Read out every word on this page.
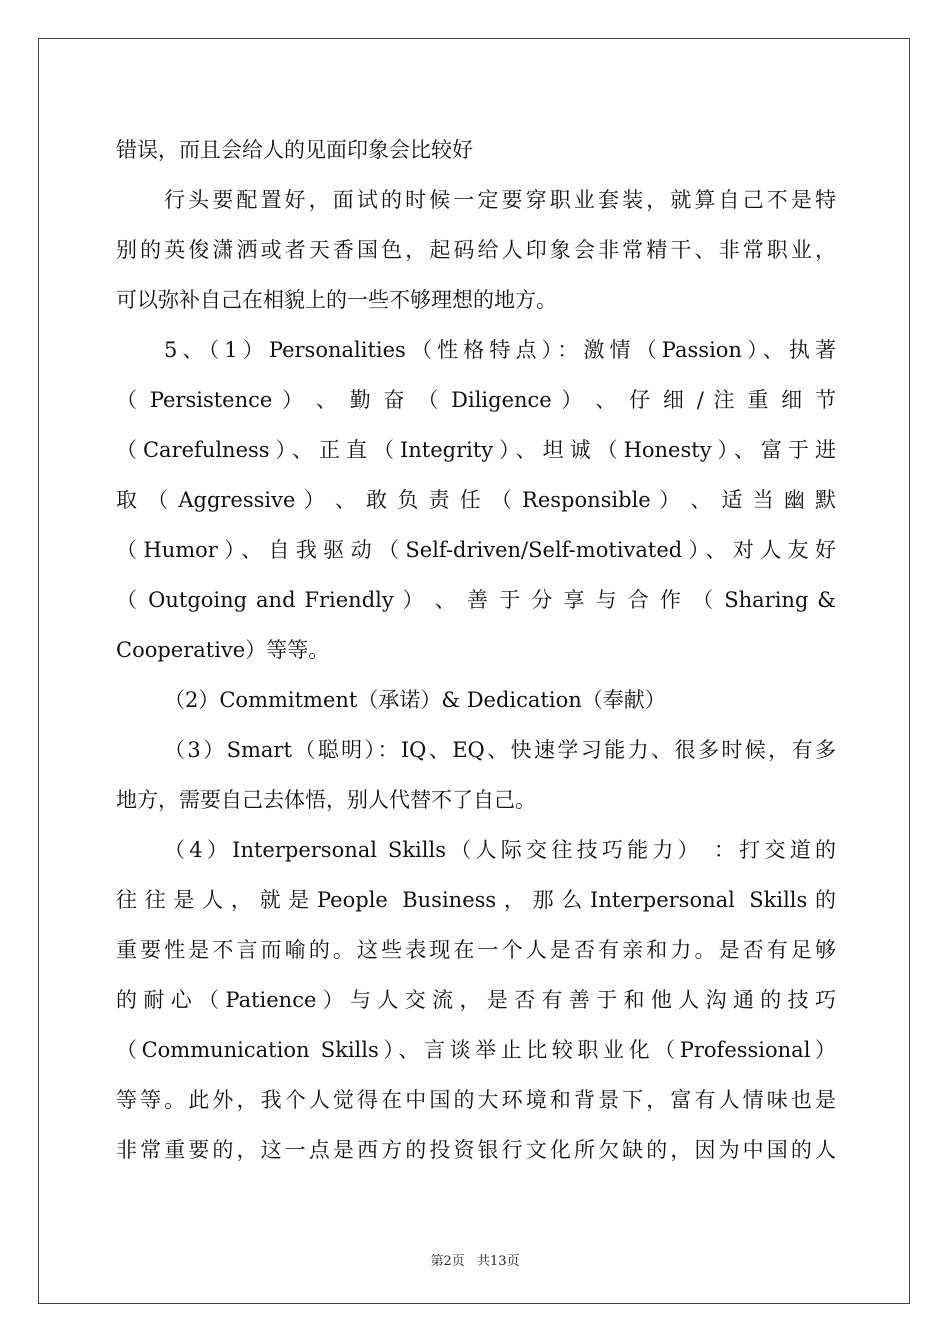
错误，而且会给人的见面印象会比较好
行头要配置好，面试的时候一定要穿职业套装，就算自己不是特
别的英俊潇洒或者天香国色，起码给人印象会非常精干、非常职业，
可以弥补自己在相貌上的一些不够理想的地方。
5、（1）Personalities（性格特点）：激情（Passion）、执著
（ Persistence ） 、 勤 奋 （ Diligence ） 、 仔 细 / 注 重 细 节
（Carefulness）、正直（Integrity）、坦诚（Honesty）、富于进
取 （ Aggressive ） 、 敢 负 责 任 （ Responsible ） 、 适 当 幽 默
（Humor）、自我驱动（Self-driven/Self-motivated）、对人友好
（ Outgoing and Friendly ） 、 善 于 分 享 与 合 作 （ Sharing &
Cooperative）等等。
（2）Commitment（承诺）& Dedication（奉献）
（3）Smart（聪明）：IQ、EQ、快速学习能力、很多时候，有多
地方，需要自己去体悟，别人代替不了自己。
（4）Interpersonal Skills（人际交往技巧能力） ：打交道的
往往是人，就是People Business，那么Interpersonal Skills的
重要性是不言而喻的。这些表现在一个人是否有亲和力。是否有足够
的耐心（Patience）与人交流，是否有善于和他人沟通的技巧
（Communication Skills）、言谈举止比较职业化（Professional）
等等。此外，我个人觉得在中国的大环境和背景下，富有人情味也是
非常重要的，这一点是西方的投资银行文化所欠缺的，因为中国的人
第2页 共13页
